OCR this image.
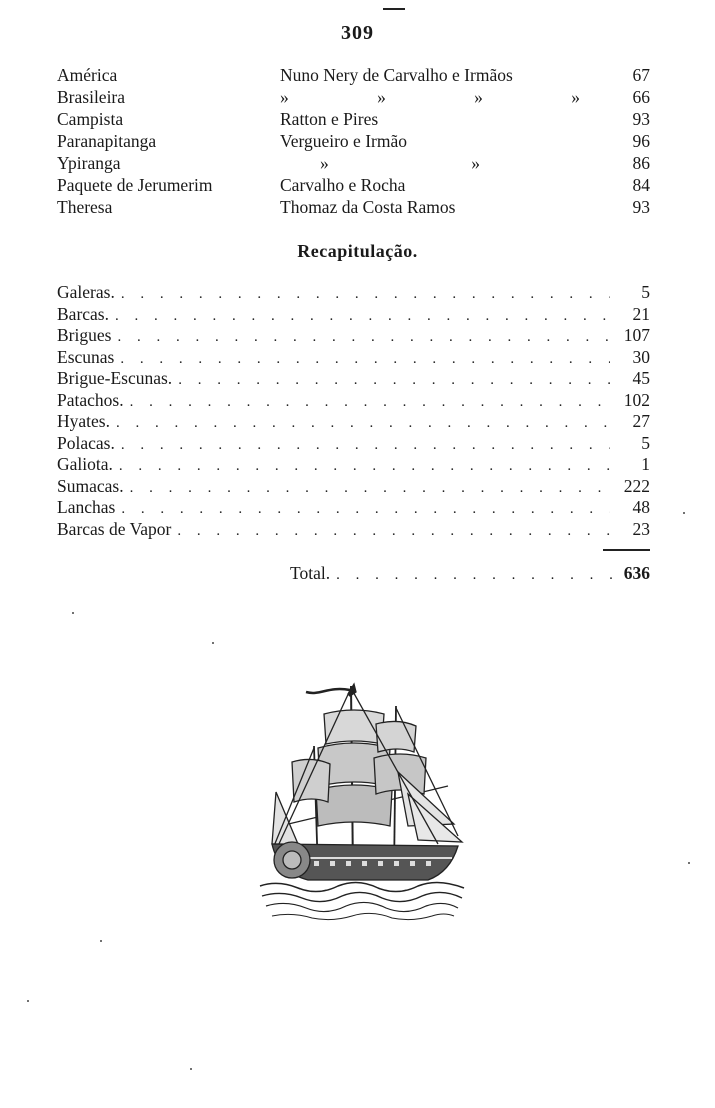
309
América	Nuno Nery de Carvalho e Irmãos	67
Brasileira	»	»	»	»	66
Campista	Ratton e Pires	93
Paranapitanga	Vergueiro e Irmão	96
Ypiranga	»	»	86
Paquete de Jerumerim	Carvalho e Rocha	84
Theresa	Thomaz da Costa Ramos	93
Recapitulação.
Galeras. . . .	5
Barcas. . . .	21
Brigues . . .	107
Escunas . . .	30
Brigue-Escunas. . . .	45
Patachos. . . .	102
Hyates. . . .	27
Polacas. . . .	5
Galiota. . . .	1
Sumacas. . . .	222
Lanchas . . .	48
Barcas de Vapor . . .	23
Total. . . .	636
